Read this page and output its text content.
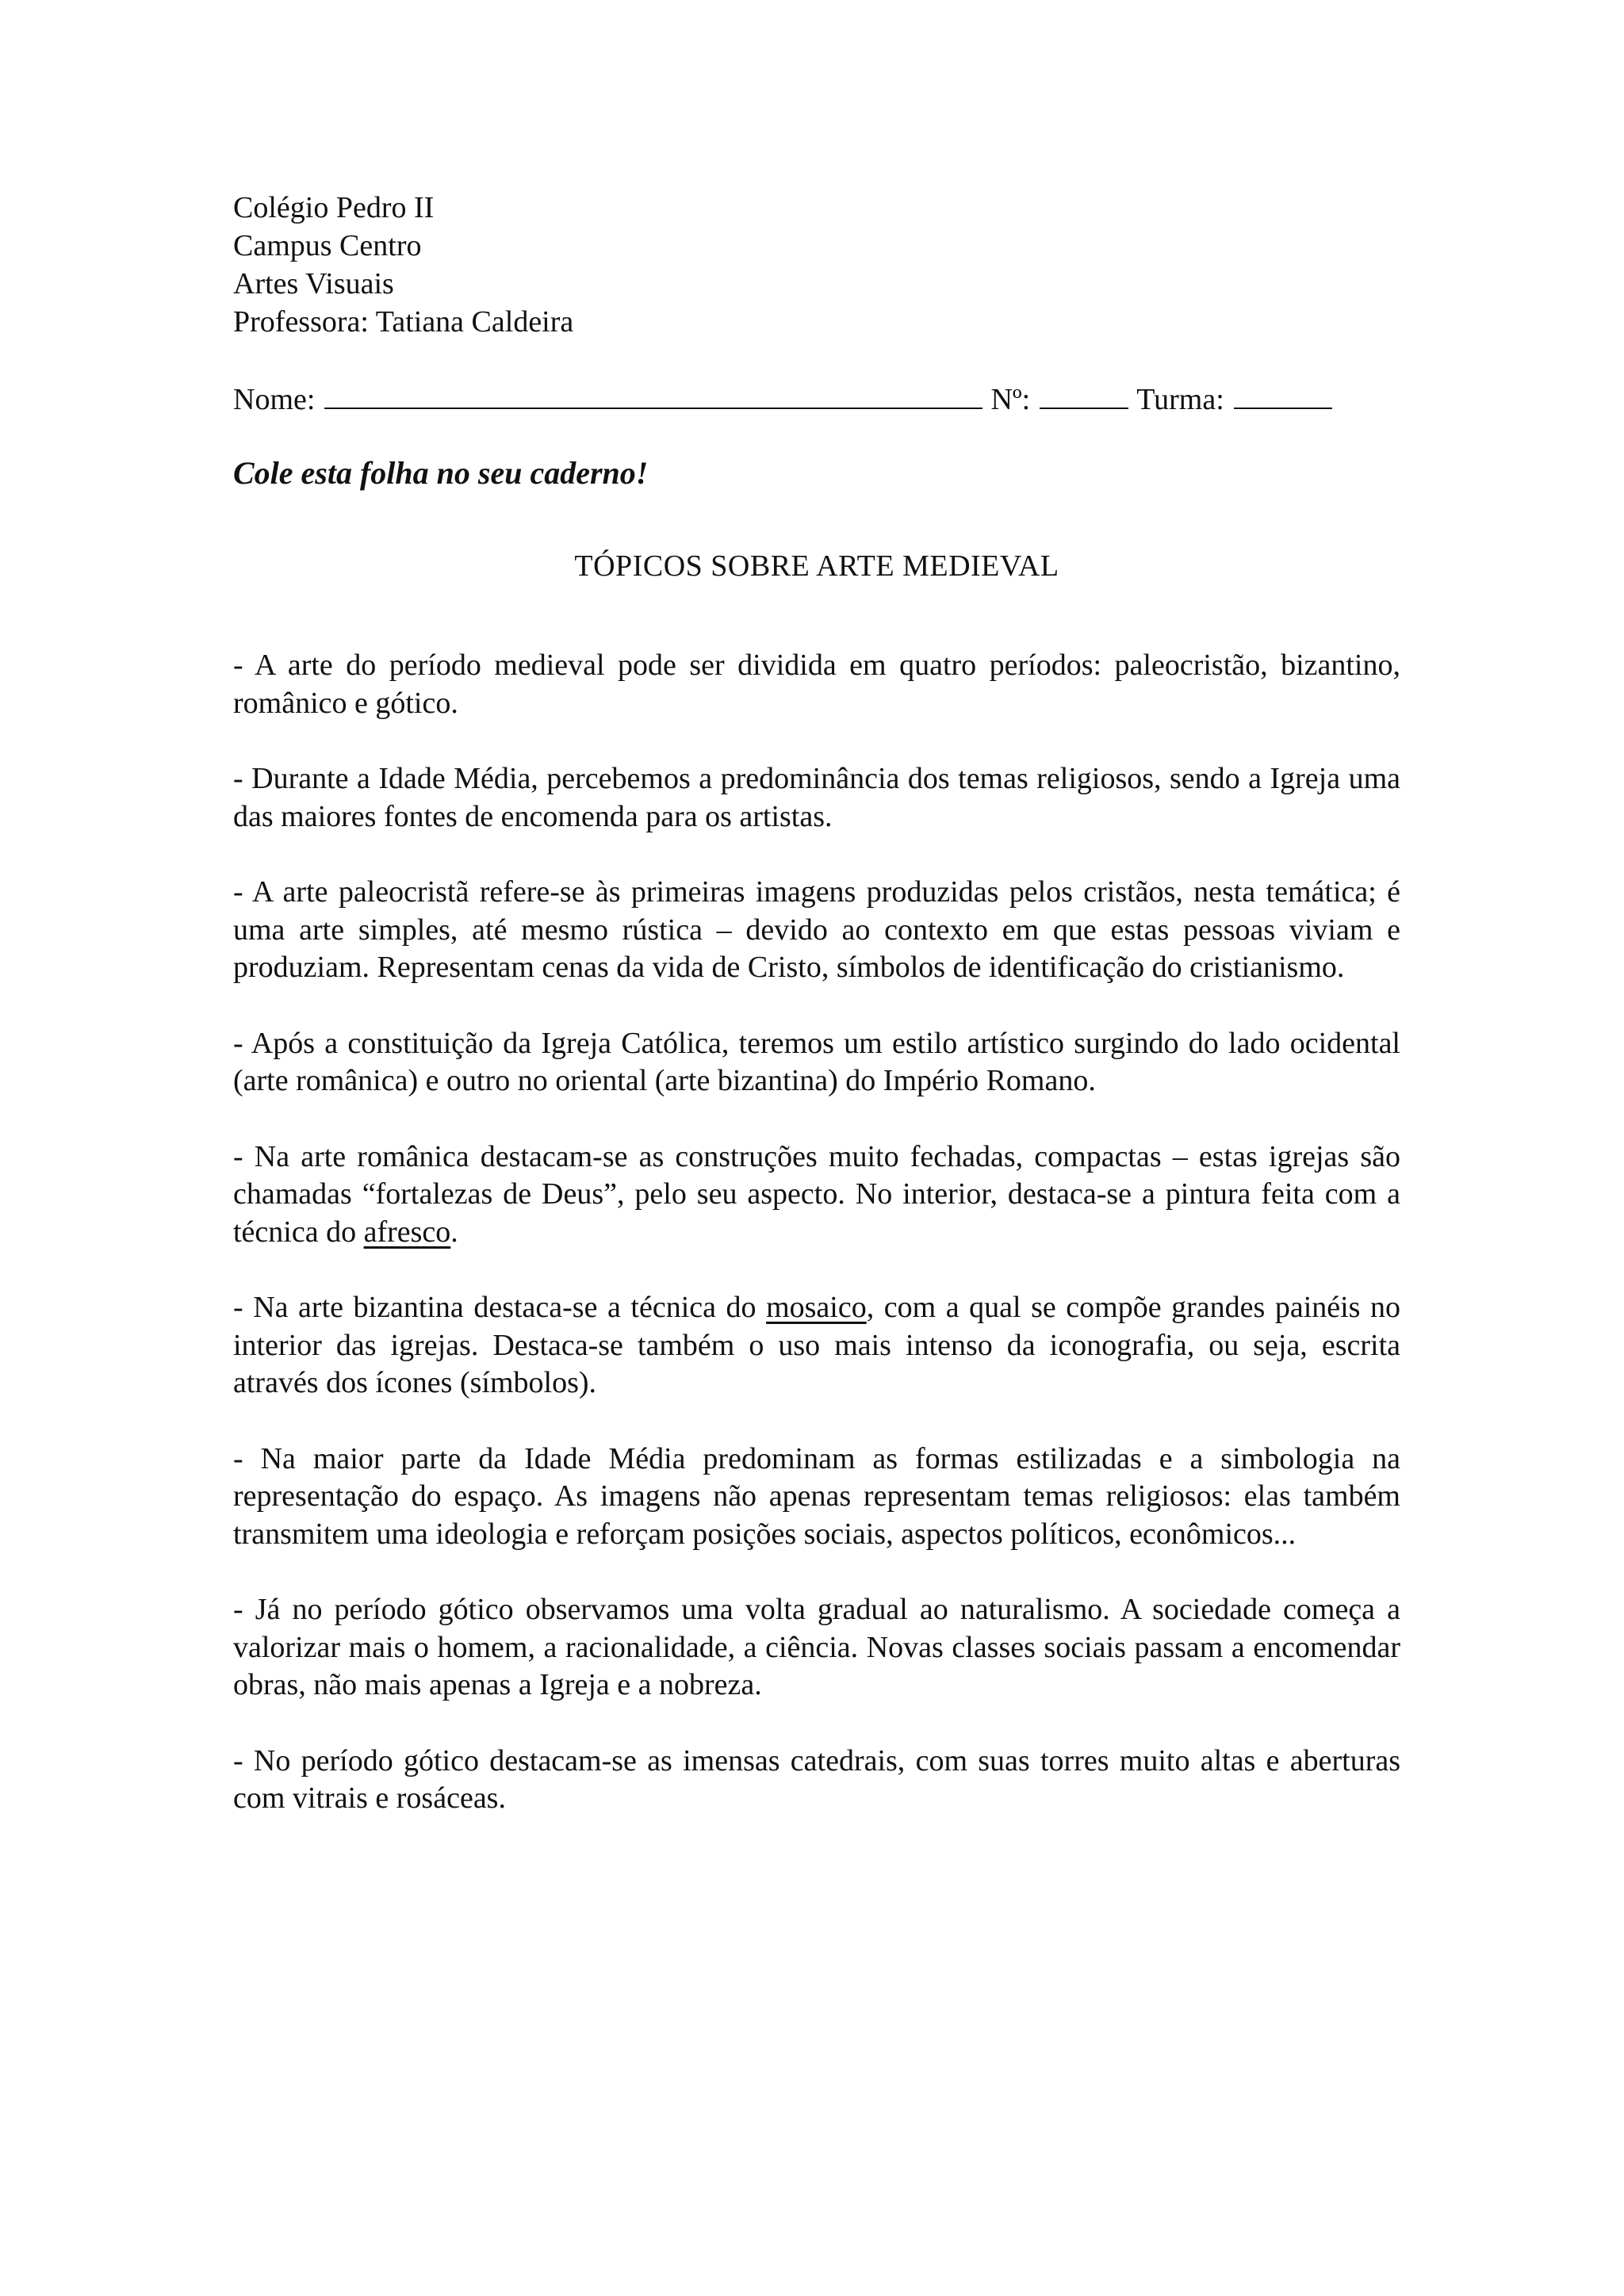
Colégio Pedro II

Campus Centro

Artes Visuais

Professora: Tatiana Caldeira

Nome:	Nº:	Turma:
Cole esta folha no seu caderno!
TÓPICOS SOBRE ARTE MEDIEVAL

- A arte do período medieval pode ser dividida em quatro períodos: paleocristão, bizantino, românico e gótico.

- Durante a Idade Média, percebemos a predominância dos temas religiosos, sendo a Igreja uma das maiores fontes de encomenda para os artistas.

- A arte paleocristã refere-se às primeiras imagens produzidas pelos cristãos, nesta temática; é uma arte simples, até mesmo rústica – devido ao contexto em que estas pessoas viviam e produziam. Representam cenas da vida de Cristo, símbolos de identificação do cristianismo.

- Após a constituição da Igreja Católica, teremos um estilo artístico surgindo do lado ocidental (arte românica) e outro no oriental (arte bizantina) do Império Romano.

- Na arte românica destacam-se as construções muito fechadas, compactas – estas igrejas são chamadas “fortalezas de Deus”, pelo seu aspecto. No interior, destaca-se a pintura feita com a técnica do afresco.

- Na arte bizantina destaca-se a técnica do mosaico, com a qual se compõe grandes painéis no interior das igrejas. Destaca-se também o uso mais intenso da iconografia, ou seja, escrita através dos ícones (símbolos).

- Na maior parte da Idade Média predominam as formas estilizadas e a simbologia na representação do espaço. As imagens não apenas representam temas religiosos: elas também transmitem uma ideologia e reforçam posições sociais, aspectos políticos, econômicos...

- Já no período gótico observamos uma volta gradual ao naturalismo. A sociedade começa a valorizar mais o homem, a racionalidade, a ciência. Novas classes sociais passam a encomendar obras, não mais apenas a Igreja e a nobreza.

- No período gótico destacam-se as imensas catedrais, com suas torres muito altas e aberturas com vitrais e rosáceas.
